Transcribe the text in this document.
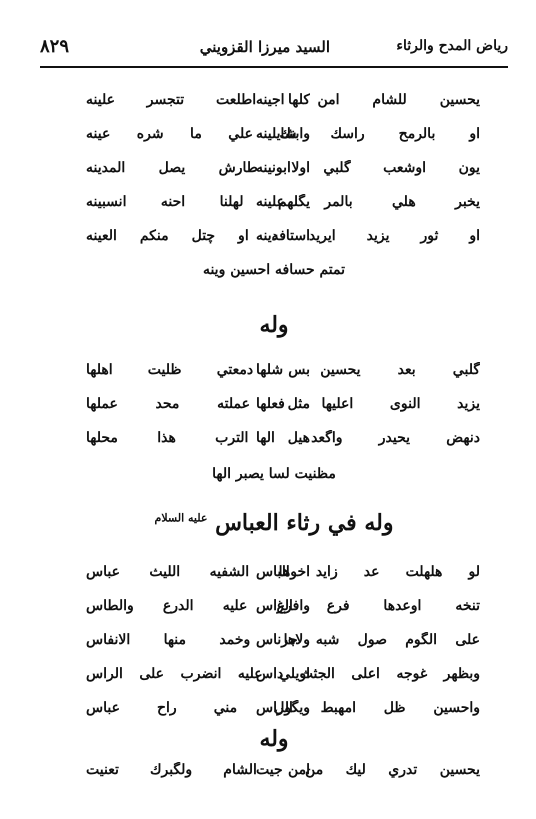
رياض المدح والرثاء
السيد ميرزا القزويني
٨٢٩
يحسين للشام امن اجينه
كلها اطلعت تتجسر علينه
او بالرمح راسك شايلينه
وابنك علي ما شره عينه
يون اوشعب گلبي ابونينه
اولا طارش يصل المدينه
يخبر هلي بالمر علينه
يگلهم لهلنا احنه انسبينه
او ثور يزيد ايريد دينه
استافه او چتل منكم العينه
تمتم حسافه احسين وينه
وله
گلبي بعد يحسين شلها
بس دمعتي ظليت اهلها
يزيد النوى اعليها فعلها
مثل عملته محد عملها
دنهض يحيدر واگعد الها
هيل الترب هذا محلها
مظنيت لسا يصبر الها
وله في رثاء العباس $^{عليه السلام}$
لو هلهلت عد زايد الباس
اخوها الشفيه الليث عباس
تنخه اوعدها فرع الراس
وافرغ عليه الدرع والطاس
على الگوم صول شبه جرناس
ولاها وخمد منها الانفاس
وبظهر غوجه اعلى الجثث داس
اويلي عليه انضرب على الراس
واحسين ظل امهبط الراس
ويگول مني راح عباس
وله
يحسين تدري ليك من جيت
امن الشام ولگبرك تعنيت
